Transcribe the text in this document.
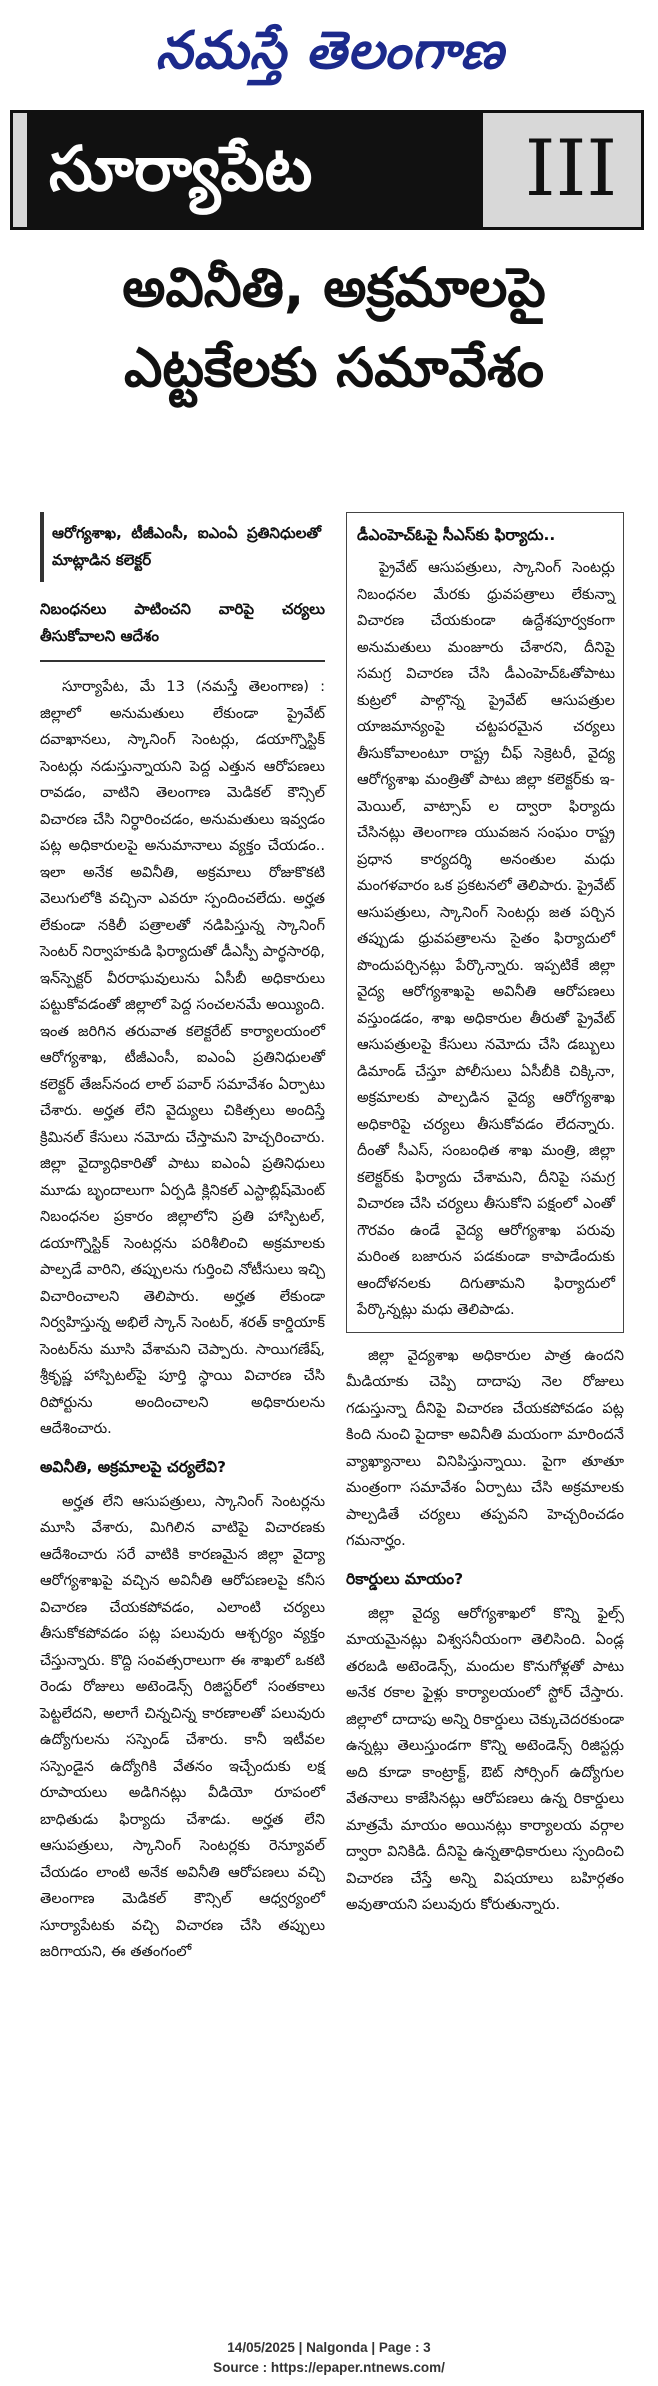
నమస్తే తెలంగాణ
సూర్యాపేట	III
అవినీతి, అక్రమాలపై
ఎట్టకేలకు సమావేశం
ఆరోగ్యశాఖ, టీజీఎంసీ, ఐఎంఏ ప్రతినిధులతో మాట్లాడిన కలెక్టర్
నిబంధనలు పాటించని వారిపై చర్యలు తీసుకోవాలని ఆదేశం

సూర్యాపేట, మే 13 (నమస్తే తెలంగాణ) : జిల్లాలో అనుమతులు లేకుండా ప్రైవేట్ దవాఖానలు, స్కానింగ్ సెంటర్లు, డయాగ్నొస్టిక్ సెంటర్లు నడుస్తున్నాయని పెద్ద ఎత్తున ఆరోపణలు రావడం, వాటిని తెలంగాణ మెడికల్ కౌన్సిల్ విచారణ చేసి నిర్ధారించడం, అనుమతులు ఇవ్వడం పట్ల అధికారులపై అనుమానాలు వ్యక్తం చేయడం.. ఇలా అనేక అవినీతి, అక్రమాలు రోజుకొకటి వెలుగులోకి వచ్చినా ఎవరూ స్పందించలేదు. అర్హత లేకుండా నకిలీ పత్రాలతో నడిపిస్తున్న స్కానింగ్ సెంటర్ నిర్వాహకుడి ఫిర్యాదుతో డీఎస్పీ పార్థసారథి, ఇన్‌స్పెక్టర్ వీరరాఘవులును ఏసీబీ అధికారులు పట్టుకోవడంతో జిల్లాలో పెద్ద సంచలనమే అయ్యింది. ఇంత జరిగిన తరువాత కలెక్టరేట్ కార్యాలయంలో ఆరోగ్యశాఖ, టీజీఎంసీ, ఐఎంఏ ప్రతినిధులతో కలెక్టర్ తేజస్‌నంద లాల్ పవార్ సమావేశం ఏర్పాటు చేశారు. అర్హత లేని వైద్యులు చికిత్సలు అందిస్తే క్రిమినల్ కేసులు నమోదు చేస్తామని హెచ్చరించారు. జిల్లా వైద్యాధికారితో పాటు ఐఎంఏ ప్రతినిధులు మూడు బృందాలుగా ఏర్పడి క్లినికల్ ఎస్టాబ్లిష్‌మెంట్ నిబంధనల ప్రకారం జిల్లాలోని ప్రతి హాస్పిటల్, డయాగ్నొస్టిక్ సెంటర్లను పరిశీలించి అక్రమాలకు పాల్పడే వారిని, తప్పులను గుర్తించి నోటీసులు ఇచ్చి విచారించాలని తెలిపారు. అర్హత లేకుండా నిర్వహిస్తున్న అభిలే స్కాన్ సెంటర్, శరత్ కార్డియాక్ సెంటర్‌ను మూసి వేశామని చెప్పారు. సాయిగణేష్, శ్రీకృష్ణ హాస్పిటల్‌పై పూర్తి స్థాయి విచారణ చేసి రిపోర్టును అందించాలని అధికారులను ఆదేశించారు.

అవినీతి, అక్రమాలపై చర్యలేవి?

అర్హత లేని ఆసుపత్రులు, స్కానింగ్ సెంటర్లను మూసి వేశారు, మిగిలిన వాటిపై విచారణకు ఆదేశించారు సరే వాటికి కారణమైన జిల్లా వైద్యా ఆరోగ్యశాఖపై వచ్చిన అవినీతి ఆరోపణలపై కనీస విచారణ చేయకపోవడం, ఎలాంటి చర్యలు తీసుకోకపోవడం పట్ల పలువురు ఆశ్చర్యం వ్యక్తం చేస్తున్నారు. కొద్ది సంవత్సరాలుగా ఈ శాఖలో ఒకటి రెండు రోజులు అటెండెన్స్ రిజిస్టర్‌లో సంతకాలు పెట్టలేదని, అలాగే చిన్నచిన్న కారణాలతో పలువురు ఉద్యోగులను సస్పెండ్ చేశారు. కానీ ఇటీవల సస్పెండైన ఉద్యోగికి వేతనం ఇచ్చేందుకు లక్ష రూపాయలు అడిగినట్లు వీడియో రూపంలో బాధితుడు ఫిర్యాదు చేశాడు. అర్హత లేని ఆసుపత్రులు, స్కానింగ్ సెంటర్లకు రెన్యూవల్ చేయడం లాంటి అనేక అవినీతి ఆరోపణలు వచ్చి తెలంగాణ మెడికల్ కౌన్సిల్ ఆధ్వర్యంలో సూర్యాపేటకు వచ్చి విచారణ చేసి తప్పులు జరిగాయని, ఈ తతంగంలో

డీఎంహెచ్‌ఓపై సీఎస్‌కు ఫిర్యాదు..

ప్రైవేట్ ఆసుపత్రులు, స్కానింగ్ సెంటర్లు నిబంధనల మేరకు ధ్రువపత్రాలు లేకున్నా విచారణ చేయకుండా ఉద్దేశపూర్వకంగా అనుమతులు మంజూరు చేశారని, దీనిపై సమగ్ర విచారణ చేసి డీఎంహెచ్‌ఓతోపాటు కుట్రలో పాల్గొన్న ప్రైవేట్ ఆసుపత్రుల యాజమాన్యంపై చట్టపరమైన చర్యలు తీసుకోవాలంటూ రాష్ట్ర చీఫ్ సెక్రెటరీ, వైద్య ఆరోగ్యశాఖ మంత్రితో పాటు జిల్లా కలెక్టర్‌కు ఇ-మెయిల్, వాట్సాప్ ల ద్వారా ఫిర్యాదు చేసినట్లు తెలంగాణ యువజన సంఘం రాష్ట్ర ప్రధాన కార్యదర్శి అనంతుల మధు మంగళవారం ఒక ప్రకటనలో తెలిపారు. ప్రైవేట్ ఆసుపత్రులు, స్కానింగ్ సెంటర్లు జత పర్చిన తప్పుడు ధ్రువపత్రాలను సైతం ఫిర్యాదులో పొందుపర్చినట్లు పేర్కొన్నారు. ఇప్పటికే జిల్లా వైద్య ఆరోగ్యశాఖపై అవినీతి ఆరోపణలు వస్తుండడం, శాఖ అధికారుల తీరుతో ప్రైవేట్ ఆసుపత్రులపై కేసులు నమోదు చేసి డబ్బులు డిమాండ్ చేస్తూ పోలీసులు ఏసీబీకి చిక్కినా, అక్రమాలకు పాల్పడిన వైద్య ఆరోగ్యశాఖ అధికారిపై చర్యలు తీసుకోవడం లేదన్నారు. దీంతో సీఎస్, సంబంధిత శాఖ మంత్రి, జిల్లా కలెక్టర్‌కు ఫిర్యాదు చేశామని, దీనిపై సమగ్ర విచారణ చేసి చర్యలు తీసుకోని పక్షంలో ఎంతో గౌరవం ఉండే వైద్య ఆరోగ్యశాఖ పరువు మరింత బజారున పడకుండా కాపాడేందుకు ఆందోళనలకు దిగుతామని ఫిర్యాదులో పేర్కొన్నట్లు మధు తెలిపాడు.

జిల్లా వైద్యశాఖ అధికారుల పాత్ర ఉందని మీడియాకు చెప్పి దాదాపు నెల రోజులు గడుస్తున్నా దీనిపై విచారణ చేయకపోవడం పట్ల కింది నుంచి పైదాకా అవినీతి మయంగా మారిందనే వ్యాఖ్యానాలు వినిపిస్తున్నాయి. పైగా తూతూ మంత్రంగా సమావేశం ఏర్పాటు చేసి అక్రమాలకు పాల్పడితే చర్యలు తప్పవని హెచ్చరించడం గమనార్హం.

రికార్డులు మాయం?

జిల్లా వైద్య ఆరోగ్యశాఖలో కొన్ని ఫైల్స్ మాయమైనట్లు విశ్వసనీయంగా తెలిసింది. ఏండ్ల తరబడి అటెండెన్స్, మందుల కొనుగోళ్లతో పాటు అనేక రకాల ఫైళ్లు కార్యాలయంలో స్టోర్ చేస్తారు. జిల్లాలో దాదాపు అన్ని రికార్డులు చెక్కుచెదరకుండా ఉన్నట్లు తెలుస్తుండగా కొన్ని అటెండెన్స్ రిజిస్టర్లు అది కూడా కాంట్రాక్ట్, ఔట్ సోర్సింగ్ ఉద్యోగుల వేతనాలు కాజేసినట్లు ఆరోపణలు ఉన్న రికార్డులు మాత్రమే మాయం అయినట్లు కార్యాలయ వర్గాల ద్వారా వినికిడి. దీనిపై ఉన్నతాధికారులు స్పందించి విచారణ చేస్తే అన్ని విషయాలు బహిర్గతం అవుతాయని పలువురు కోరుతున్నారు.

14/05/2025 | Nalgonda | Page : 3
Source : https://epaper.ntnews.com/
